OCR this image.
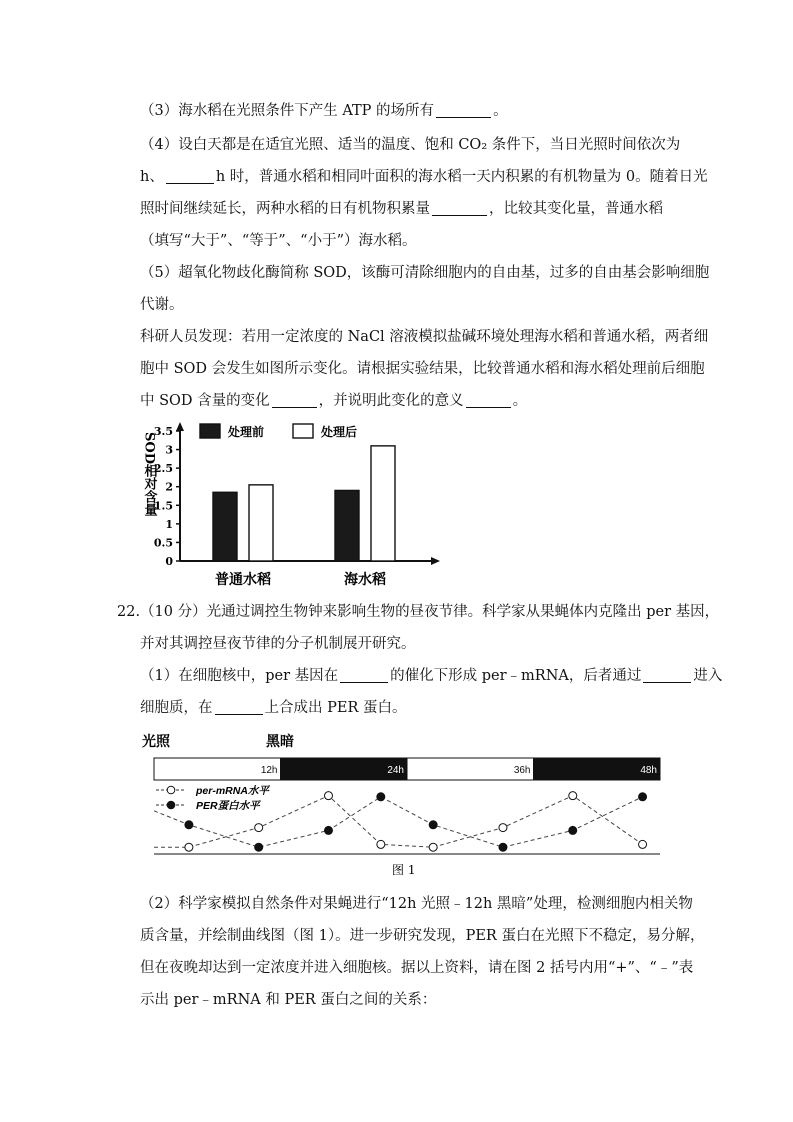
（3）海水稻在光照条件下产生 ATP 的场所有	。
（4）设白天都是在适宜光照、适当的温度、饱和 CO₂ 条件下，当日光照时间依次为
h、	h 时，普通水稻和相同叶面积的海水稻一天内积累的有机物量为 0。随着日光
照时间继续延长，两种水稻的日有机物积累量	，比较其变化量，普通水稻
（填写“大于”、“等于”、“小于”）海水稻。
（5）超氧化物歧化酶简称 SOD，该酶可清除细胞内的自由基，过多的自由基会影响细胞
代谢。
科研人员发现：若用一定浓度的 NaCl 溶液模拟盐碱环境处理海水稻和普通水稻，两者细
胞中 SOD 会发生如图所示变化。请根据实验结果，比较普通水稻和海水稻处理前后细胞
中 SOD 含量的变化	，并说明此变化的意义	。
SOD相对含量
0
0.5
1
1.5
2
2.5
3
3.5
普通水稻	海水稻
处理前	处理后
22.（10 分）光通过调控生物钟来影响生物的昼夜节律。科学家从果蝇体内克隆出 per 基因，
并对其调控昼夜节律的分子机制展开研究。
（1）在细胞核中，per 基因在	的催化下形成 per﹣mRNA，后者通过	进入
细胞质，在	上合成出 PER 蛋白。
光照	黑暗
12h	24h	36h	48h
per-mRNA水平
PER蛋白水平
图 1
（2）科学家模拟自然条件对果蝇进行“12h 光照﹣12h 黑暗”处理，检测细胞内相关物
质含量，并绘制曲线图（图 1）。进一步研究发现，PER 蛋白在光照下不稳定，易分解，
但在夜晚却达到一定浓度并进入细胞核。据以上资料，请在图 2 括号内用“+”、“﹣”表
示出 per﹣mRNA 和 PER 蛋白之间的关系：
